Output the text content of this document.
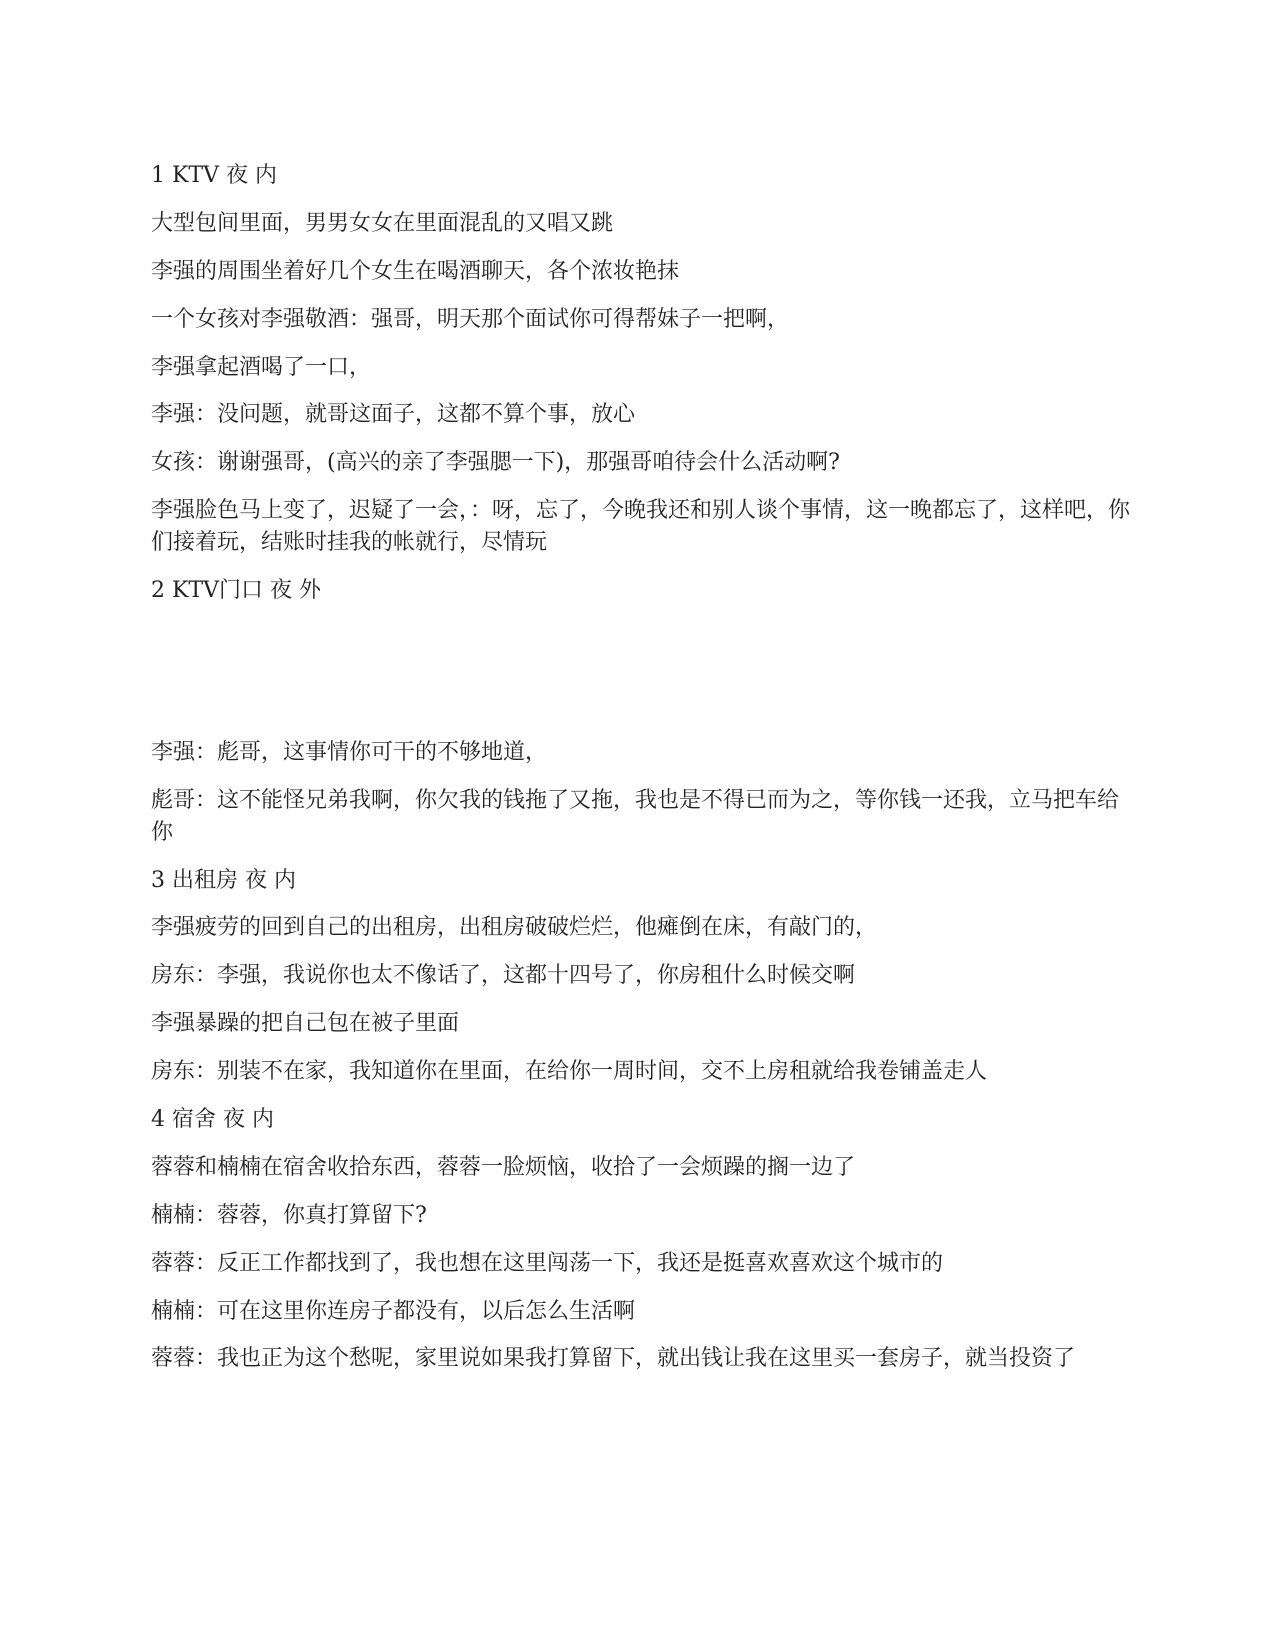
1 KTV 夜 内

大型包间里面，男男女女在里面混乱的又唱又跳

李强的周围坐着好几个女生在喝酒聊天，各个浓妆艳抹

一个女孩对李强敬酒：强哥，明天那个面试你可得帮妹子一把啊，

李强拿起酒喝了一口，

李强：没问题，就哥这面子，这都不算个事，放心

女孩：谢谢强哥，(高兴的亲了李强腮一下)，那强哥咱待会什么活动啊?

李强脸色马上变了，迟疑了一会，：呀，忘了，今晚我还和别人谈个事情，这一晚都忘了，这样吧，你们接着玩，结账时挂我的帐就行，尽情玩

2 KTV门口 夜 外

李强：彪哥，这事情你可干的不够地道，

彪哥：这不能怪兄弟我啊，你欠我的钱拖了又拖，我也是不得已而为之，等你钱一还我，立马把车给你

3 出租房 夜 内

李强疲劳的回到自己的出租房，出租房破破烂烂，他瘫倒在床，有敲门的，

房东：李强，我说你也太不像话了，这都十四号了，你房租什么时候交啊

李强暴躁的把自己包在被子里面

房东：别装不在家，我知道你在里面，在给你一周时间，交不上房租就给我卷铺盖走人

4 宿舍 夜 内

蓉蓉和楠楠在宿舍收拾东西，蓉蓉一脸烦恼，收拾了一会烦躁的搁一边了

楠楠：蓉蓉，你真打算留下?

蓉蓉：反正工作都找到了，我也想在这里闯荡一下，我还是挺喜欢喜欢这个城市的

楠楠：可在这里你连房子都没有，以后怎么生活啊

蓉蓉：我也正为这个愁呢，家里说如果我打算留下，就出钱让我在这里买一套房子，就当投资了
